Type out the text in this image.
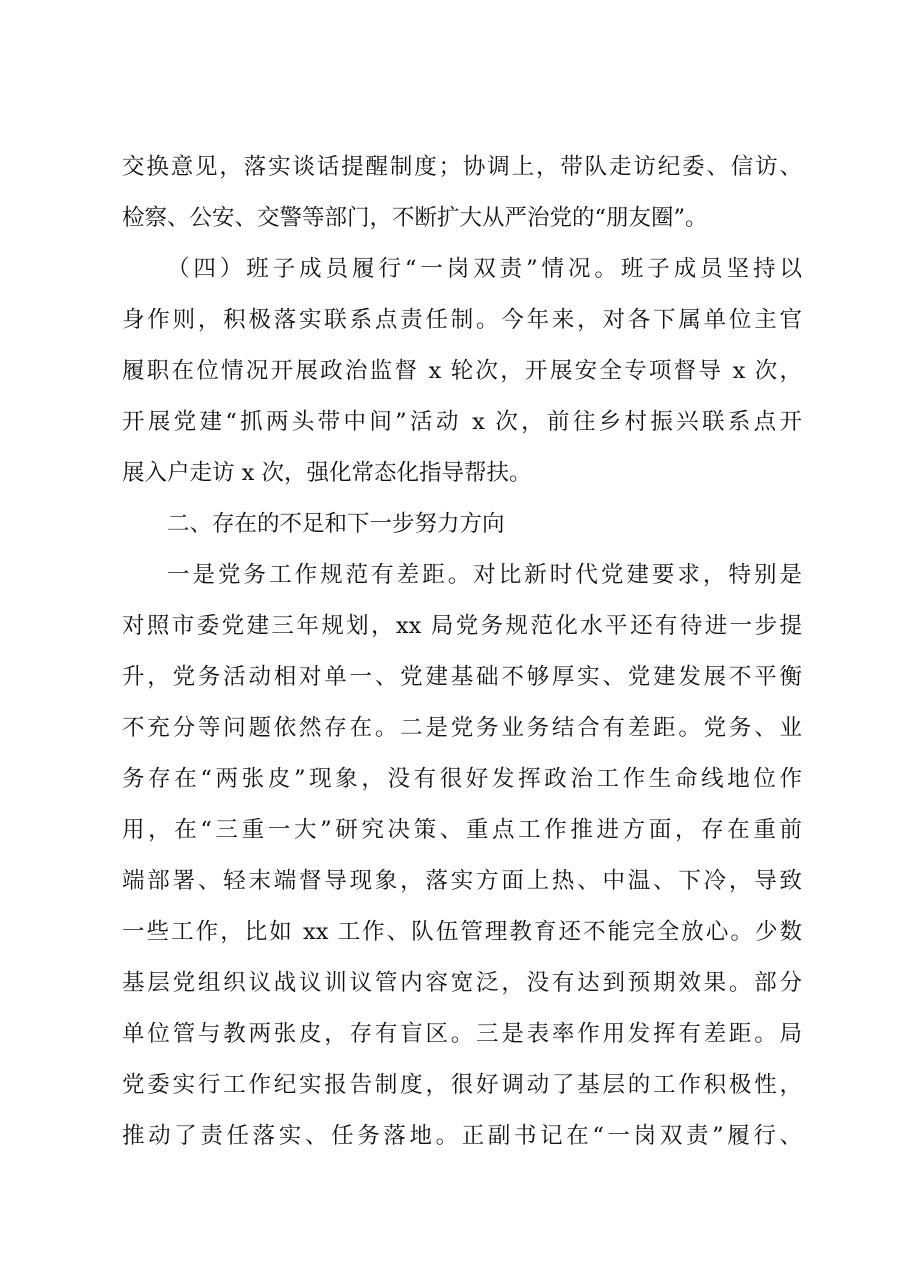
交换意见，落实谈话提醒制度；协调上，带队走访纪委、信访、
检察、公安、交警等部门，不断扩大从严治党的“朋友圈”。
（四）班子成员履行“一岗双责”情况。班子成员坚持以
身作则，积极落实联系点责任制。今年来，对各下属单位主官
履职在位情况开展政治监督 x 轮次，开展安全专项督导 x 次，
开展党建“抓两头带中间”活动 x 次，前往乡村振兴联系点开
展入户走访 x 次，强化常态化指导帮扶。
二、存在的不足和下一步努力方向
一是党务工作规范有差距。对比新时代党建要求，特别是
对照市委党建三年规划，xx 局党务规范化水平还有待进一步提
升，党务活动相对单一、党建基础不够厚实、党建发展不平衡
不充分等问题依然存在。二是党务业务结合有差距。党务、业
务存在“两张皮”现象，没有很好发挥政治工作生命线地位作
用，在“三重一大”研究决策、重点工作推进方面，存在重前
端部署、轻末端督导现象，落实方面上热、中温、下冷，导致
一些工作，比如 xx 工作、队伍管理教育还不能完全放心。少数
基层党组织议战议训议管内容宽泛，没有达到预期效果。部分
单位管与教两张皮，存有盲区。三是表率作用发挥有差距。局
党委实行工作纪实报告制度，很好调动了基层的工作积极性，
推动了责任落实、任务落地。正副书记在“一岗双责”履行、
